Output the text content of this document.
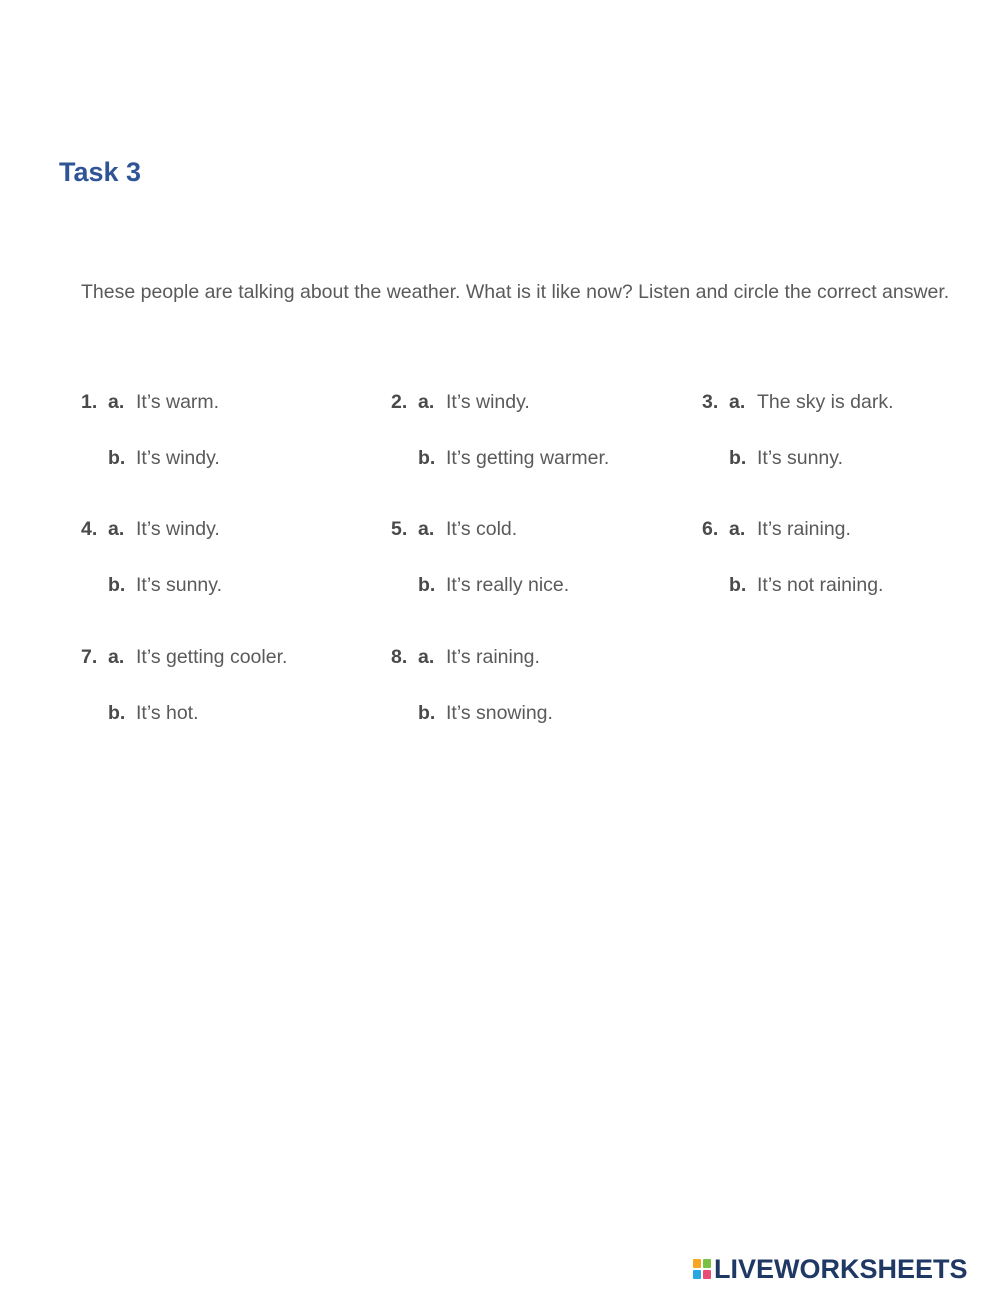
Task 3

These people are talking about the weather. What is it like now? Listen and circle the correct answer.

1. a. It’s warm.
b. It’s windy.
2. a. It’s windy.
b. It’s getting warmer.
3. a. The sky is dark.
b. It’s sunny.
4. a. It’s windy.
b. It’s sunny.
5. a. It’s cold.
b. It’s really nice.
6. a. It’s raining.
b. It’s not raining.
7. a. It’s getting cooler.
b. It’s hot.
8. a. It’s raining.
b. It’s snowing.
LIVEWORKSHEETS
